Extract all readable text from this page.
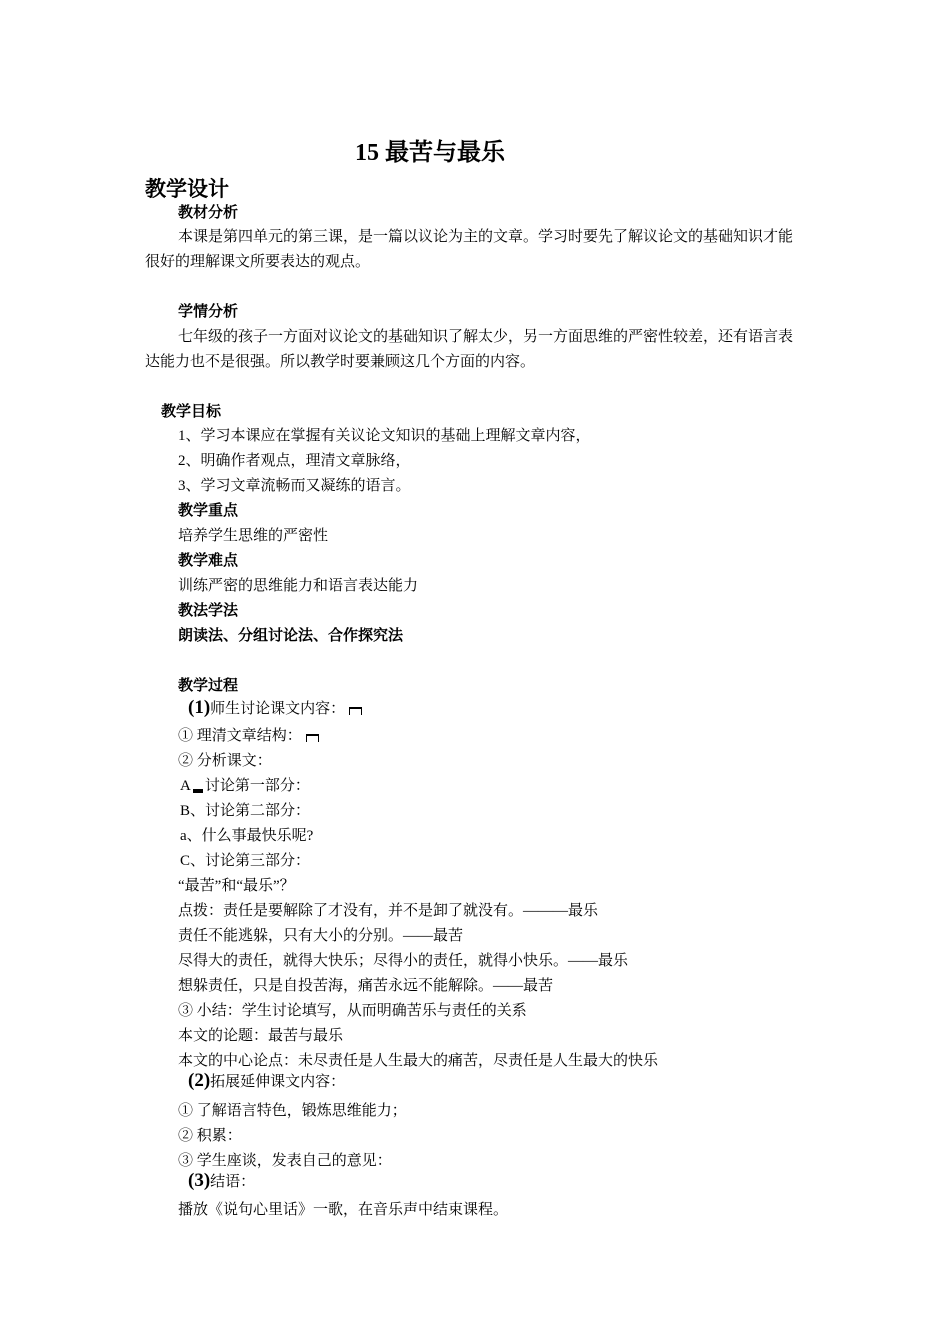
15 最苦与最乐
教学设计
教材分析

本课是第四单元的第三课，是一篇以议论为主的文章。学习时要先了解议论文的基础知识才能很好的理解课文所要表达的观点。

学情分析

七年级的孩子一方面对议论文的基础知识了解太少，另一方面思维的严密性较差，还有语言表达能力也不是很强。所以教学时要兼顾这几个方面的内容。

教学目标
1、学习本课应在掌握有关议论文知识的基础上理解文章内容，
2、明确作者观点，理清文章脉络，
3、学习文章流畅而又凝练的语言。
教学重点
培养学生思维的严密性
教学难点
训练严密的思维能力和语言表达能力
教法学法
朗读法、分组讨论法、合作探究法
教学过程
(1)师生讨论课文内容：
① 理清文章结构：
② 分析课文：
A 讨论第一部分：
B、讨论第二部分：
a、什么事最快乐呢?
C、讨论第三部分：
“最苦”和“最乐”？
点拨：责任是要解除了才没有，并不是卸了就没有。———最乐
责任不能逃躲，只有大小的分别。——最苦
尽得大的责任，就得大快乐；尽得小的责任，就得小快乐。——最乐
想躲责任，只是自投苦海，痛苦永远不能解除。——最苦
③ 小结：学生讨论填写，从而明确苦乐与责任的关系
本文的论题：最苦与最乐
本文的中心论点：未尽责任是人生最大的痛苦，尽责任是人生最大的快乐
(2)拓展延伸课文内容：
① 了解语言特色，锻炼思维能力；
② 积累：
③ 学生座谈，发表自己的意见：
(3)结语：
播放《说句心里话》一歌，在音乐声中结束课程。
